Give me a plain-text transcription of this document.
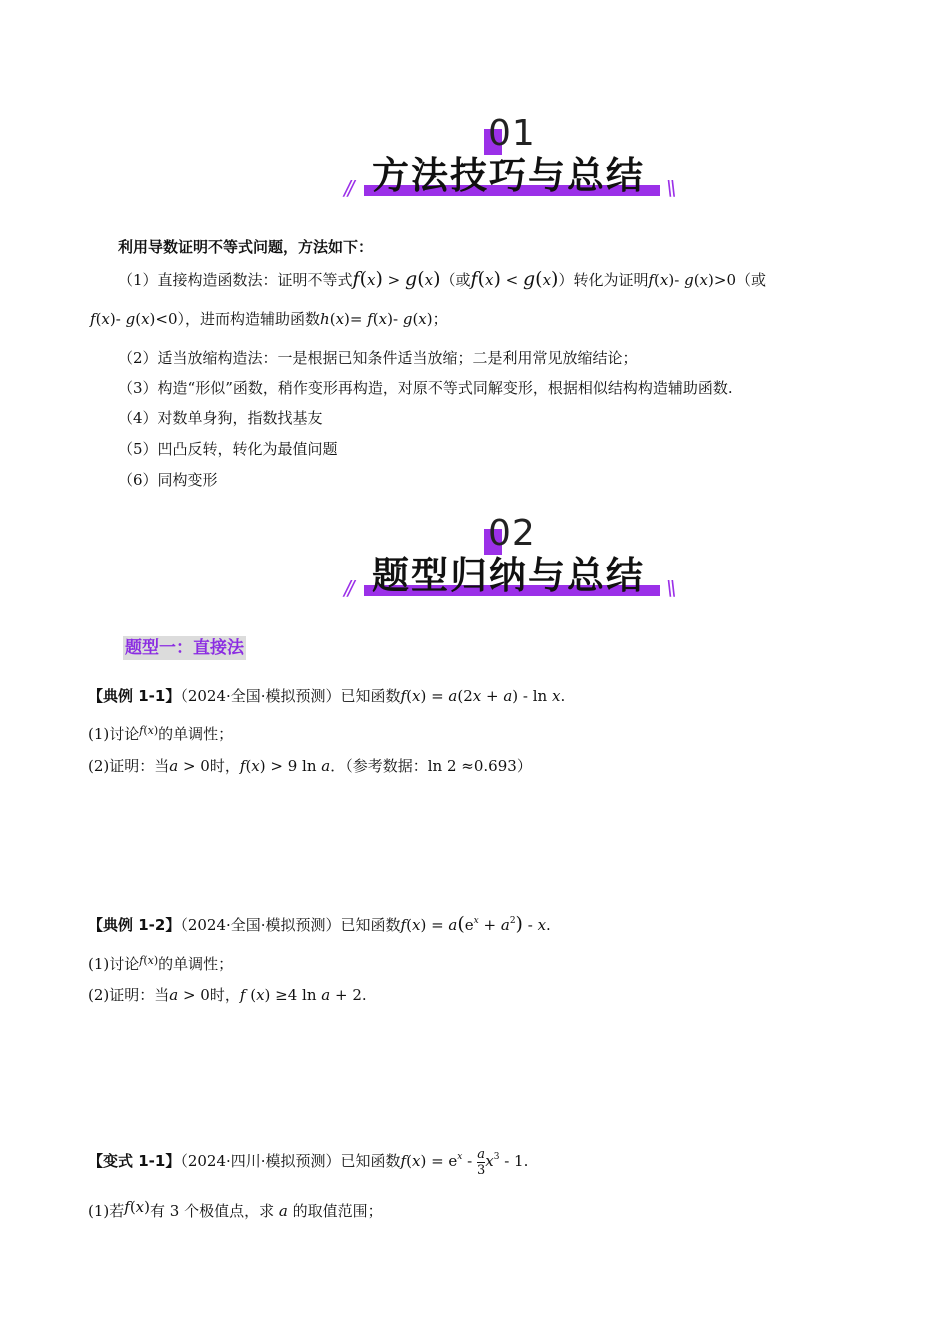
01
方法技巧与总结
//	\\
利用导数证明不等式问题，方法如下：
（1）直接构造函数法：证明不等式f(x) > g(x)（或f(x) < g(x)）转化为证明f(x)- g(x)>0（或
f(x)- g(x)<0），进而构造辅助函数h(x)= f(x)- g(x)；
（2）适当放缩构造法：一是根据已知条件适当放缩；二是利用常见放缩结论；
（3）构造“形似”函数，稍作变形再构造，对原不等式同解变形，根据相似结构构造辅助函数.
（4）对数单身狗，指数找基友
（5）凹凸反转，转化为最值问题
（6）同构变形
02
题型归纳与总结
//	\\
题型一：直接法
【典例 1-1】（2024·全国·模拟预测）已知函数f(x) = a(2x + a) - ln x.
(1)讨论$^{f(x)}$的单调性；
(2)证明：当a > 0时，f(x) > 9 ln a．（参考数据：ln 2 ≈0.693）
【典例 1-2】（2024·全国·模拟预测）已知函数$f(x) = a(e^x + a^2) - x$.
(1)讨论$^{f(x)}$的单调性；
(2)证明：当a > 0时，f (x) ≥4 ln a + 2.
【变式 1-1】（2024·四川·模拟预测）已知函数$f(x) = e^x - \frac{a}{3} x^3 - 1$.
(1)若f(x)有 3 个极值点，求 a 的取值范围；
